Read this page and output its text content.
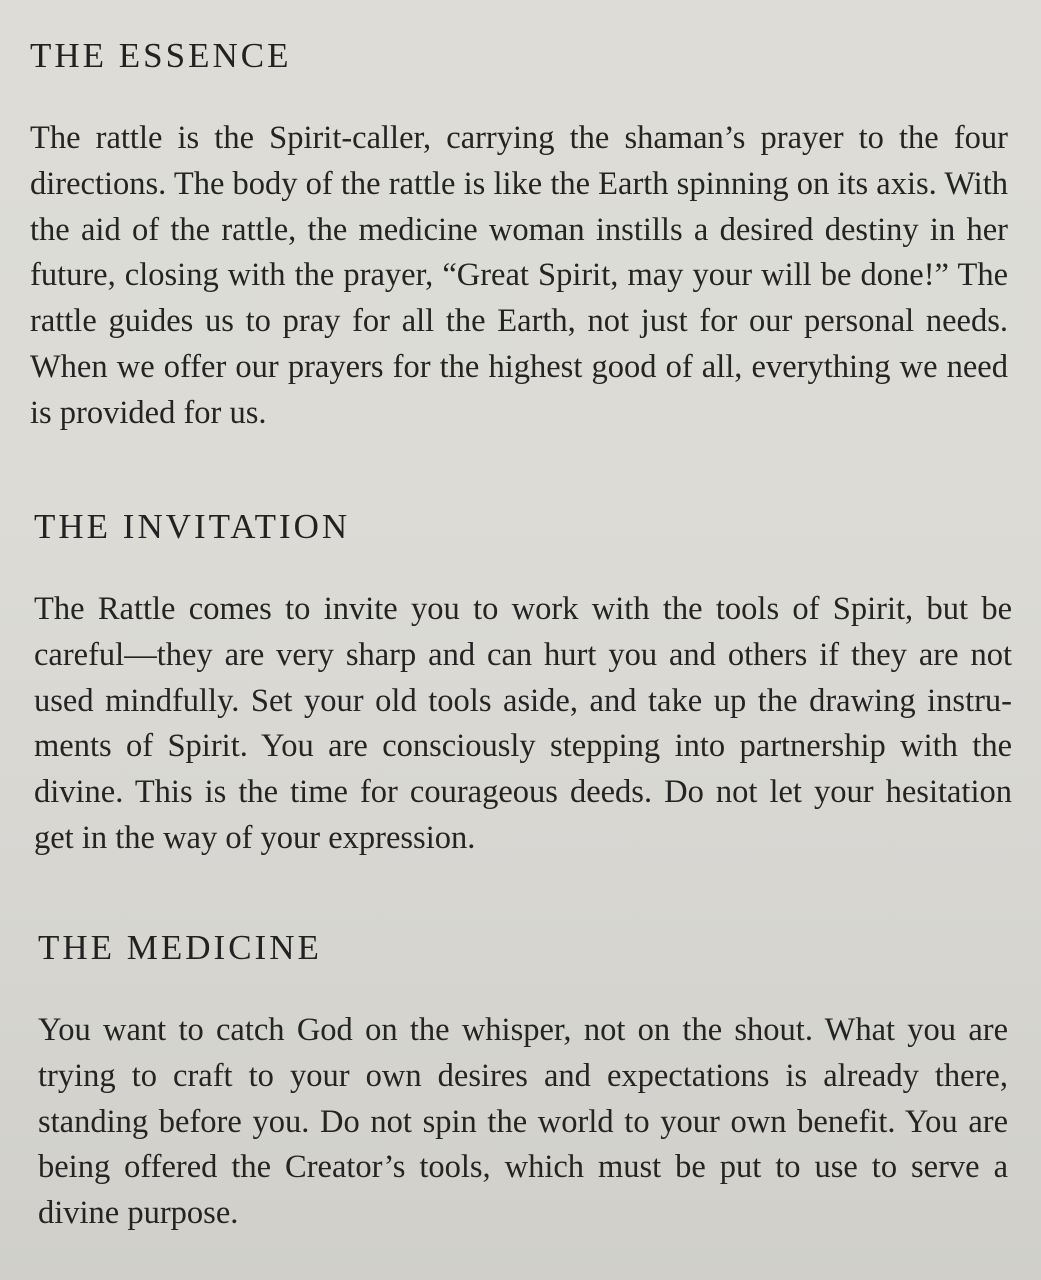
THE ESSENCE

The rattle is the Spirit-caller, carrying the shaman’s prayer to the four directions. The body of the rattle is like the Earth spinning on its axis. With the aid of the rattle, the medicine woman instills a desired destiny in her future, closing with the prayer, “Great Spirit, may your will be done!” The rattle guides us to pray for all the Earth, not just for our personal needs. When we offer our prayers for the highest good of all, everything we need is provided for us.

THE INVITATION

The Rattle comes to invite you to work with the tools of Spirit, but be careful—they are very sharp and can hurt you and others if they are not used mindfully. Set your old tools aside, and take up the drawing instruments of Spirit. You are consciously stepping into partnership with the divine. This is the time for courageous deeds. Do not let your hesitation get in the way of your expression.

THE MEDICINE

You want to catch God on the whisper, not on the shout. What you are trying to craft to your own desires and expectations is already there, standing before you. Do not spin the world to your own benefit. You are being offered the Creator’s tools, which must be put to use to serve a divine purpose.
